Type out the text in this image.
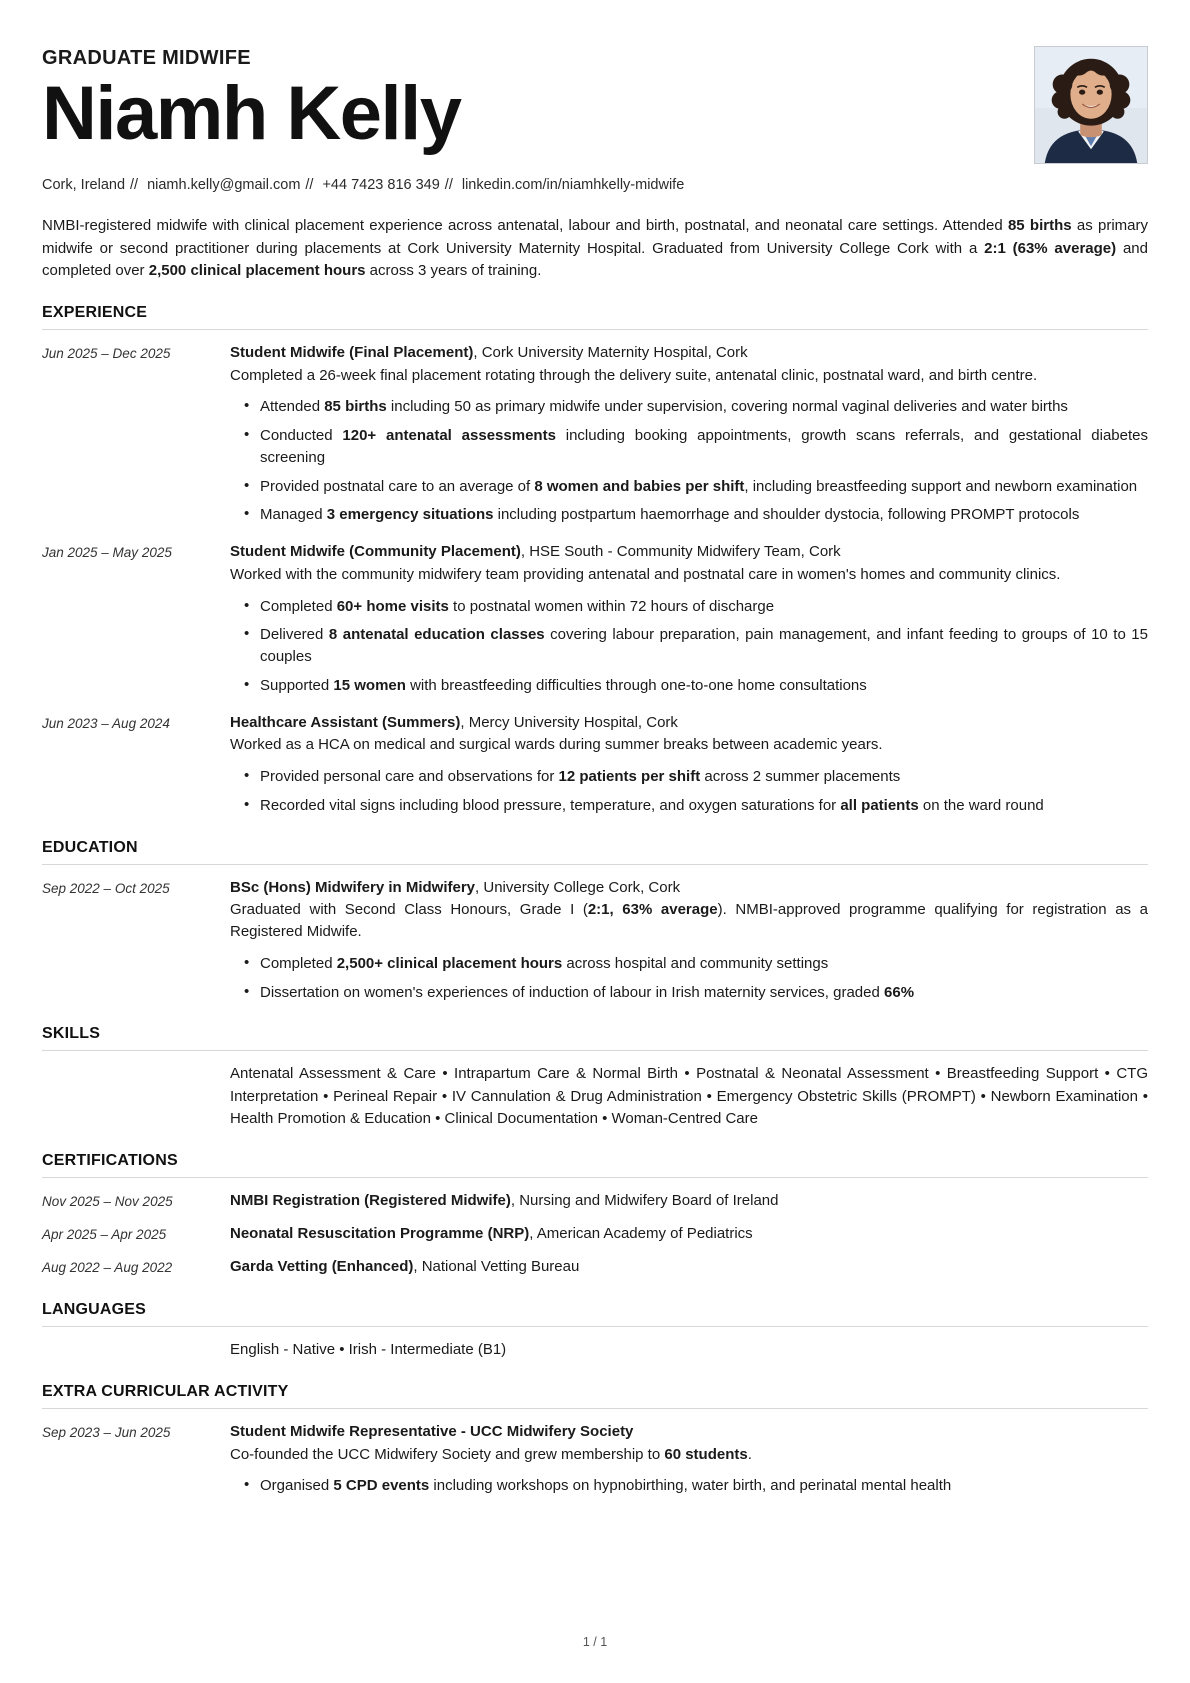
GRADUATE MIDWIFE
Niamh Kelly
Cork, Ireland // niamh.kelly@gmail.com // +44 7423 816 349 // linkedin.com/in/niamhkelly-midwife
NMBI-registered midwife with clinical placement experience across antenatal, labour and birth, postnatal, and neonatal care settings. Attended 85 births as primary midwife or second practitioner during placements at Cork University Maternity Hospital. Graduated from University College Cork with a 2:1 (63% average) and completed over 2,500 clinical placement hours across 3 years of training.
EXPERIENCE
Jun 2025 – Dec 2025	Student Midwife (Final Placement), Cork University Maternity Hospital, Cork
Completed a 26-week final placement rotating through the delivery suite, antenatal clinic, postnatal ward, and birth centre.
• Attended 85 births including 50 as primary midwife under supervision, covering normal vaginal deliveries and water births
• Conducted 120+ antenatal assessments including booking appointments, growth scans referrals, and gestational diabetes screening
• Provided postnatal care to an average of 8 women and babies per shift, including breastfeeding support and newborn examination
• Managed 3 emergency situations including postpartum haemorrhage and shoulder dystocia, following PROMPT protocols
Jan 2025 – May 2025	Student Midwife (Community Placement), HSE South - Community Midwifery Team, Cork
Worked with the community midwifery team providing antenatal and postnatal care in women's homes and community clinics.
• Completed 60+ home visits to postnatal women within 72 hours of discharge
• Delivered 8 antenatal education classes covering labour preparation, pain management, and infant feeding to groups of 10 to 15 couples
• Supported 15 women with breastfeeding difficulties through one-to-one home consultations
Jun 2023 – Aug 2024	Healthcare Assistant (Summers), Mercy University Hospital, Cork
Worked as a HCA on medical and surgical wards during summer breaks between academic years.
• Provided personal care and observations for 12 patients per shift across 2 summer placements
• Recorded vital signs including blood pressure, temperature, and oxygen saturations for all patients on the ward round
EDUCATION
Sep 2022 – Oct 2025	BSc (Hons) Midwifery in Midwifery, University College Cork, Cork
Graduated with Second Class Honours, Grade I (2:1, 63% average). NMBI-approved programme qualifying for registration as a Registered Midwife.
• Completed 2,500+ clinical placement hours across hospital and community settings
• Dissertation on women's experiences of induction of labour in Irish maternity services, graded 66%
SKILLS
Antenatal Assessment & Care • Intrapartum Care & Normal Birth • Postnatal & Neonatal Assessment • Breastfeeding Support • CTG Interpretation • Perineal Repair • IV Cannulation & Drug Administration • Emergency Obstetric Skills (PROMPT) • Newborn Examination • Health Promotion & Education • Clinical Documentation • Woman-Centred Care
CERTIFICATIONS
Nov 2025 – Nov 2025	NMBI Registration (Registered Midwife), Nursing and Midwifery Board of Ireland
Apr 2025 – Apr 2025	Neonatal Resuscitation Programme (NRP), American Academy of Pediatrics
Aug 2022 – Aug 2022	Garda Vetting (Enhanced), National Vetting Bureau
LANGUAGES
English - Native • Irish - Intermediate (B1)
EXTRA CURRICULAR ACTIVITY
Sep 2023 – Jun 2025	Student Midwife Representative - UCC Midwifery Society
Co-founded the UCC Midwifery Society and grew membership to 60 students.
• Organised 5 CPD events including workshops on hypnobirthing, water birth, and perinatal mental health
1 / 1
